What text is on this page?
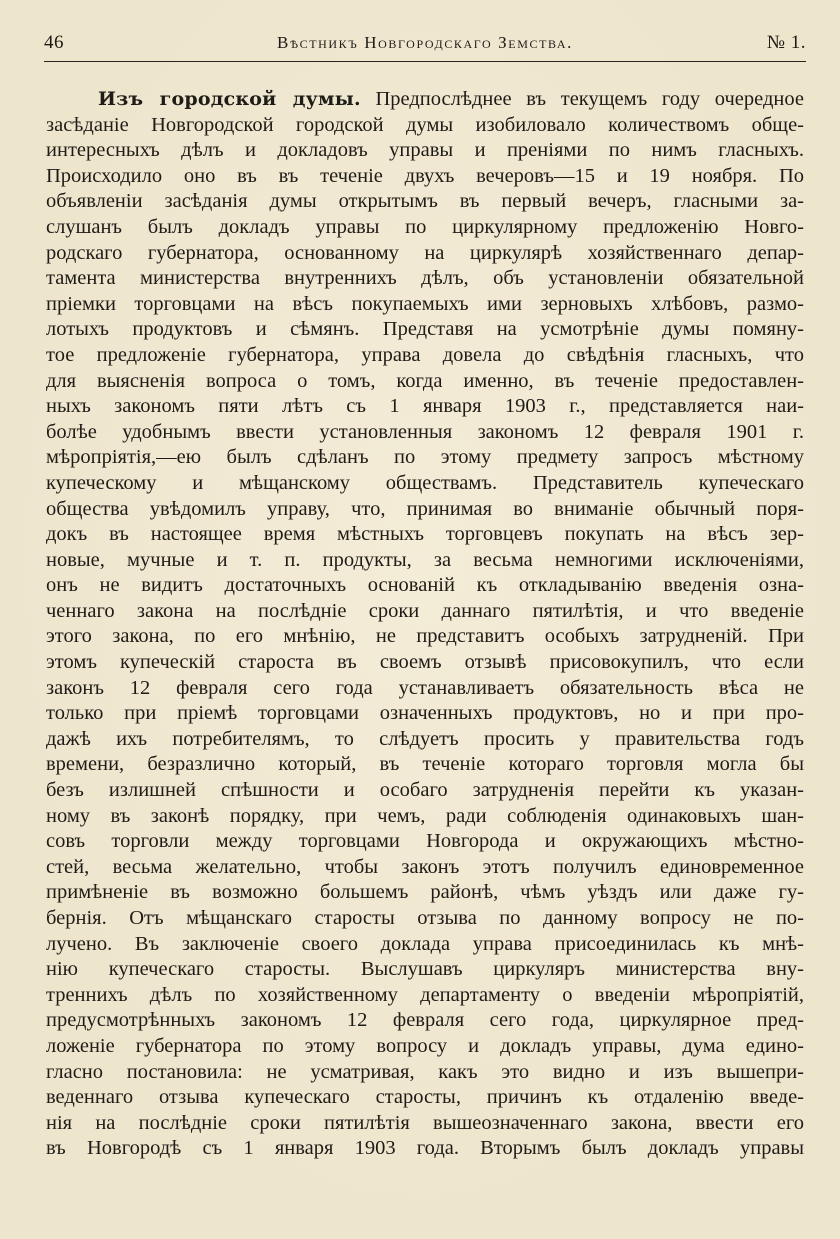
46	Вѣстникъ Новгородскаго Земства.	№ 1.
Изъ городской думы. Предпослѣднее въ текущемъ году очередное
засѣданіе Новгородской городской думы изобиловало количествомъ обще-
интересныхъ дѣлъ и докладовъ управы и преніями по нимъ гласныхъ.
Происходило оно въ въ теченіе двухъ вечеровъ—15 и 19 ноября. По
объявленіи засѣданія думы открытымъ въ первый вечеръ, гласными за-
слушанъ былъ докладъ управы по циркулярному предложенію Новго-
родскаго губернатора, основанному на циркулярѣ хозяйственнаго депар-
тамента министерства внутреннихъ дѣлъ, объ установленіи обязательной
пріемки торговцами на вѣсъ покупаемыхъ ими зерновыхъ хлѣбовъ, размо-
лотыхъ продуктовъ и сѣмянъ. Представя на усмотрѣніе думы помяну-
тое предложеніе губернатора, управа довела до свѣдѣнія гласныхъ, что
для выясненія вопроса о томъ, когда именно, въ теченіе предоставлен-
ныхъ закономъ пяти лѣтъ съ 1 января 1903 г., представляется наи-
болѣе удобнымъ ввести установленныя закономъ 12 февраля 1901 г.
мѣропріятія,—ею былъ сдѣланъ по этому предмету запросъ мѣстному
купеческому и мѣщанскому обществамъ. Представитель купеческаго
общества увѣдомилъ управу, что, принимая во вниманіе обычный поря-
докъ въ настоящее время мѣстныхъ торговцевъ покупать на вѣсъ зер-
новые, мучные и т. п. продукты, за весьма немногими исключеніями,
онъ не видитъ достаточныхъ основаній къ откладыванію введенія озна-
ченнаго закона на послѣдніе сроки даннаго пятилѣтія, и что введеніе
этого закона, по его мнѣнію, не представитъ особыхъ затрудненій. При
этомъ купеческій староста въ своемъ отзывѣ присовокупилъ, что если
законъ 12 февраля сего года устанавливаетъ обязательность вѣса не
только при пріемѣ торговцами означенныхъ продуктовъ, но и при про-
дажѣ ихъ потребителямъ, то слѣдуетъ просить у правительства годъ
времени, безразлично который, въ теченіе котораго торговля могла бы
безъ излишней спѣшности и особаго затрудненія перейти къ указан-
ному въ законѣ порядку, при чемъ, ради соблюденія одинаковыхъ шан-
совъ торговли между торговцами Новгорода и окружающихъ мѣстно-
стей, весьма желательно, чтобы законъ этотъ получилъ единовременное
примѣненіе въ возможно большемъ районѣ, чѣмъ уѣздъ или даже гу-
бернія. Отъ мѣщанскаго старосты отзыва по данному вопросу не по-
лучено. Въ заключеніе своего доклада управа присоединилась къ мнѣ-
нію купеческаго старосты. Выслушавъ циркуляръ министерства вну-
треннихъ дѣлъ по хозяйственному департаменту о введеніи мѣропріятій,
предусмотрѣнныхъ закономъ 12 февраля сего года, циркулярное пред-
ложеніе губернатора по этому вопросу и докладъ управы, дума едино-
гласно постановила: не усматривая, какъ это видно и изъ вышепри-
веденнаго отзыва купеческаго старосты, причинъ къ отдаленію введе-
нія на послѣдніе сроки пятилѣтія вышеозначеннаго закона, ввести его
въ Новгородѣ съ 1 января 1903 года. Вторымъ былъ докладъ управы
